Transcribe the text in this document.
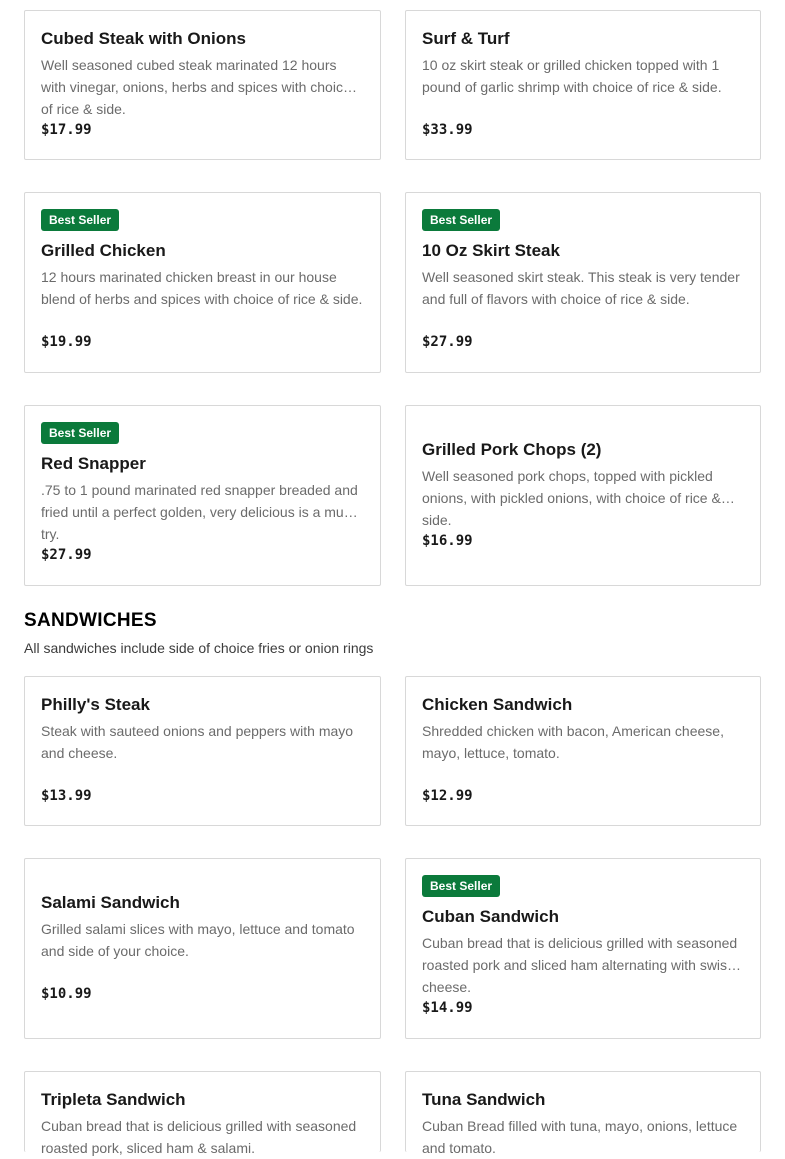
Cubed Steak with Onions
Well seasoned cubed steak marinated 12 hours with vinegar, onions, herbs and spices with choice of rice & side.
$17.99
Surf & Turf
10 oz skirt steak or grilled chicken topped with 1 pound of garlic shrimp with choice of rice & side.
$33.99
Best Seller
Grilled Chicken
12 hours marinated chicken breast in our house blend of herbs and spices with choice of rice & side.
$19.99
Best Seller
10 Oz Skirt Steak
Well seasoned skirt steak. This steak is very tender and full of flavors with choice of rice & side.
$27.99
Best Seller
Red Snapper
.75 to 1 pound marinated red snapper breaded and fried until a perfect golden, very delicious is a must try.
$27.99
Grilled Pork Chops (2)
Well seasoned pork chops, topped with pickled onions, with pickled onions, with choice of rice & side.
$16.99
SANDWICHES

All sandwiches include side of choice fries or onion rings

Philly's Steak
Steak with sauteed onions and peppers with mayo and cheese.
$13.99
Chicken Sandwich
Shredded chicken with bacon, American cheese, mayo, lettuce, tomato.
$12.99
Salami Sandwich
Grilled salami slices with mayo, lettuce and tomato and side of your choice.
$10.99
Best Seller
Cuban Sandwich
Cuban bread that is delicious grilled with seasoned roasted pork and sliced ham alternating with swiss cheese.
$14.99
Tripleta Sandwich
Cuban bread that is delicious grilled with seasoned roasted pork, sliced ham & salami.
Tuna Sandwich
Cuban Bread filled with tuna, mayo, onions, lettuce and tomato.
